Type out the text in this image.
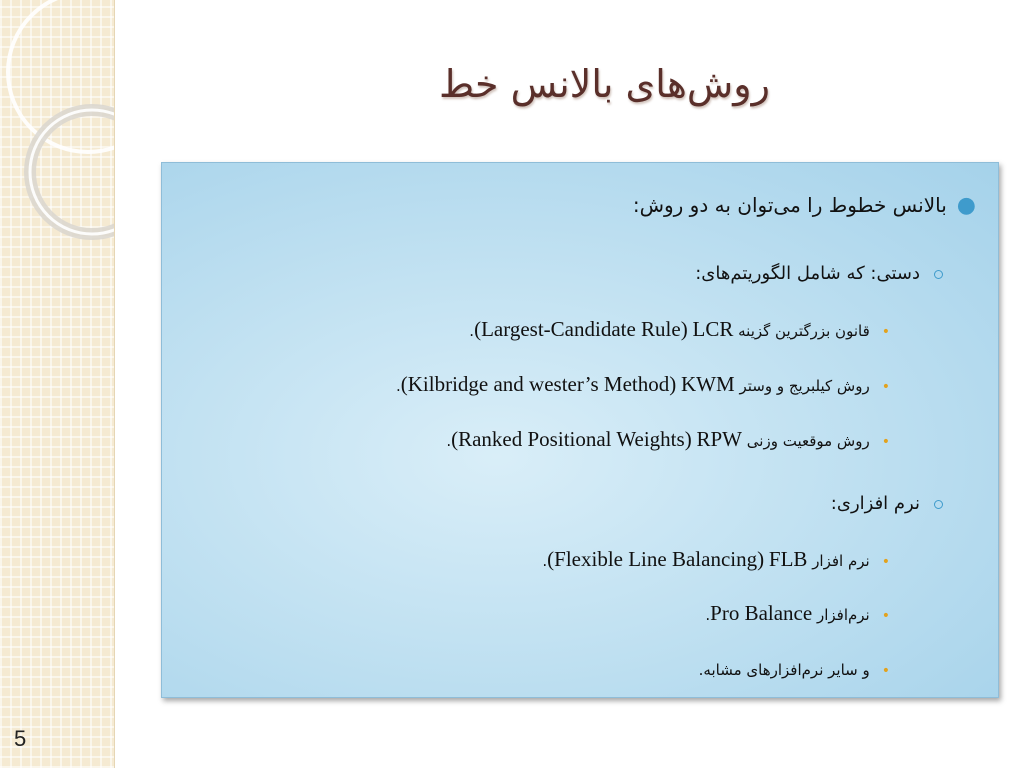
5
روش‌های بالانس خط
●بالانس خطوط را می‌توان به دو روش:
دستی: که شامل الگوریتم‌های:
•قانون بزرگترین گزینه LCR (Largest-Candidate Rule).
•روش کیلبریج و وستر KWM (Kilbridge and wester’s Method).
•روش موقعیت وزنی RPW (Ranked Positional Weights).
نرم افزاری:
•نرم افزار FLB (Flexible Line Balancing).
•نرم‌افزار Pro Balance.
•و سایر نرم‌افزارهای مشابه.
